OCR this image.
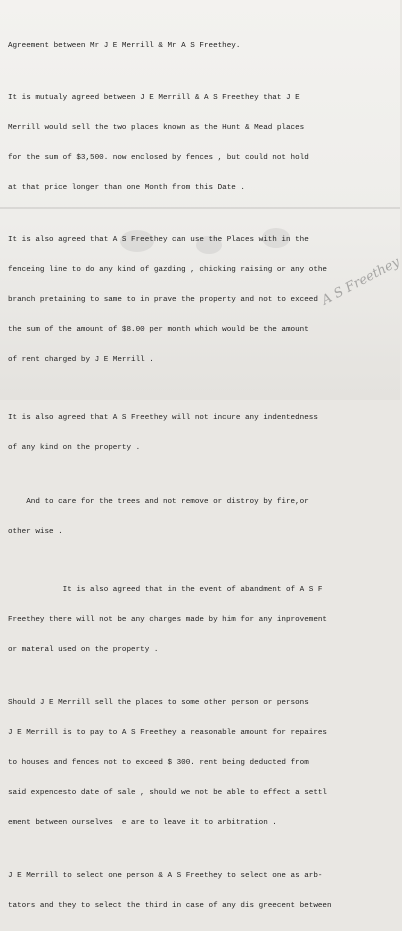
Agreement between Mr J E Merrill & Mr A S Freethey.

It is mutualy agreed between J E Merrill & A S Freethey that J E

Merrill would sell the two places known as the Hunt & Mead places

for the sum of $3,500. now enclosed by fences , but could not hold

at that price longer than one Month from this Date .

It is also agreed that A S Freethey can use the Places with in the

fenceing line to do any kind of gazding , chicking raising or any othe

branch pretaining to same to in prave the property and not to exceed

the sum of the amount of $8.00 per month which would be the amount

of rent charged by J E Merrill .

It is also agreed that A S Freethey will not incure any indentedness

of any kind on the property .

And to care for the trees and not remove or distroy by fire,or

other wise .

It is also agreed that in the event of abandment of A S F

Freethey there will not be any charges made by him for any inprovement

or materal used on the property .

Should J E Merrill sell the places to some other person or persons

J E Merrill is to pay to A S Freethey a reasonable amount for repaires

to houses and fences not to exceed $ 300. rent being deducted from

said expencesto date of sale , should we not be able to effect a settl

ement between ourselves  e are to leave it to arbitration .

J E Merrill to select one person & A S Freethey to select one as arb-

tators and they to select the third in case of any dis greecent between

A S Freethey
